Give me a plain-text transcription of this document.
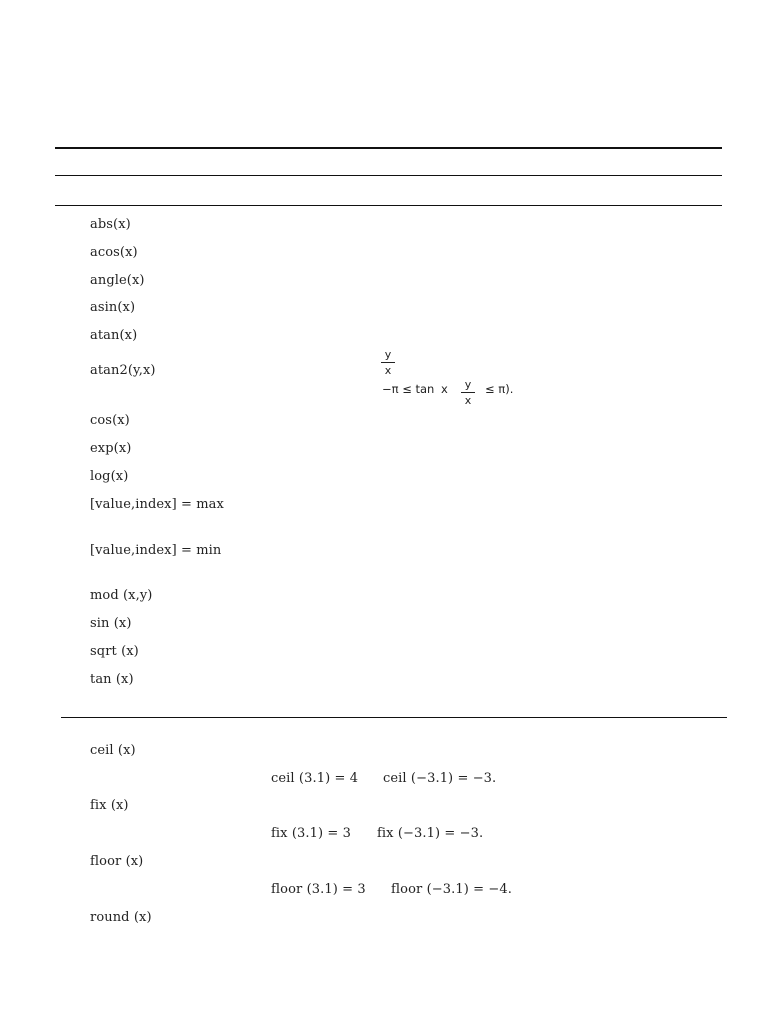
abs(x)
acos(x)
angle(x)
asin(x)
atan(x)
atan2(y,x)
cos(x)
exp(x)
log(x)
[value,index] = max
[value,index] = min
mod (x,y)
sin (x)
sqrt (x)
tan (x)
y
x
−π ≤ tan x	y
x
≤ π).
ceil (x)
ceil (3.1) = 4 ceil (−3.1) = −3.
fix (x)
fix (3.1) = 3 fix (−3.1) = −3.
floor (x)
floor (3.1) = 3 floor (−3.1) = −4.
round (x)
